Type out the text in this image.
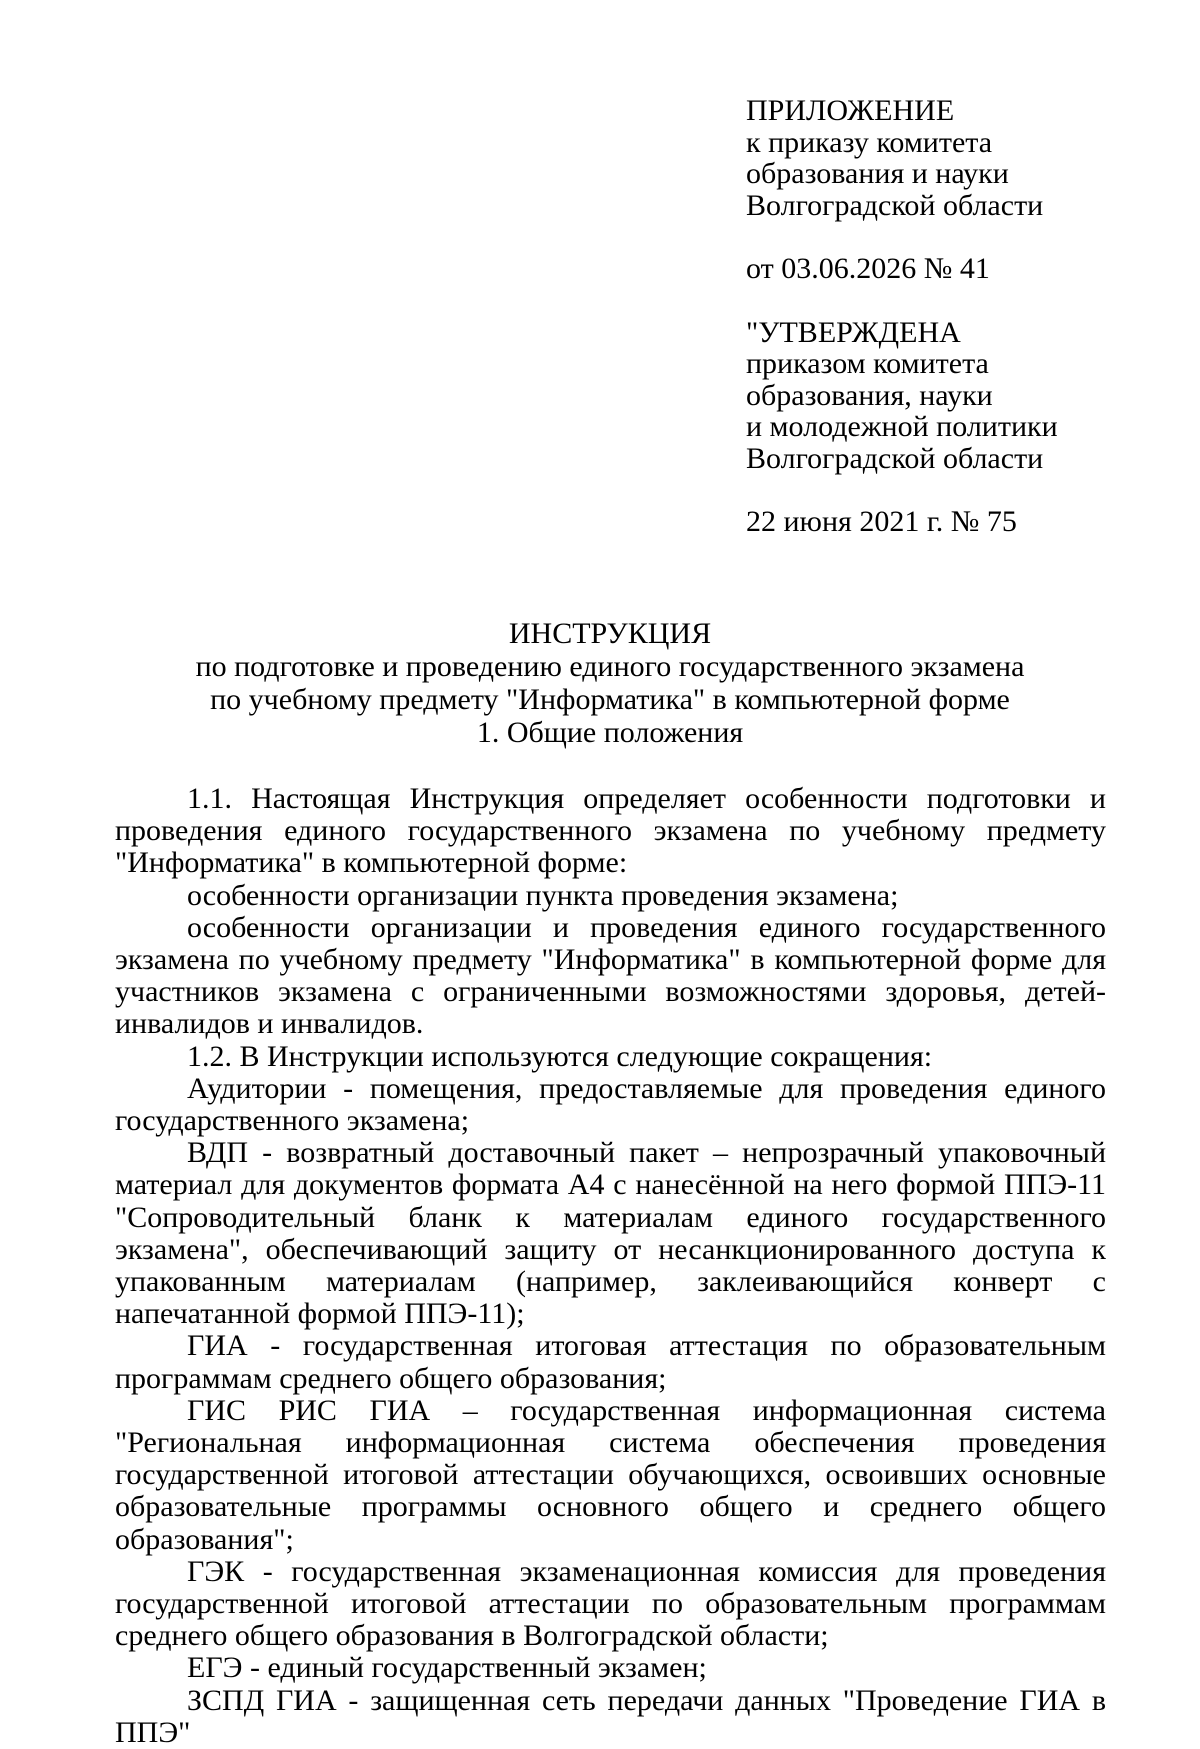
ПРИЛОЖЕНИЕ
к приказу комитета
образования и науки
Волгоградской области
от 03.06.2026 № 41
"УТВЕРЖДЕНА
приказом комитета
образования, науки
и молодежной политики
Волгоградской области
22 июня 2021 г. № 75
ИНСТРУКЦИЯ
по подготовке и проведению единого государственного экзамена
по учебному предмету "Информатика" в компьютерной форме
1. Общие положения

1.1. Настоящая Инструкция определяет особенности подготовки и проведения единого государственного экзамена по учебному предмету "Информатика" в компьютерной форме:

особенности организации пункта проведения экзамена;

особенности организации и проведения единого государственного экзамена по учебному предмету "Информатика" в компьютерной форме для участников экзамена с ограниченными возможностями здоровья, детей-инвалидов и инвалидов.

1.2. В Инструкции используются следующие сокращения:

Аудитории - помещения, предоставляемые для проведения единого государственного экзамена;

ВДП - возвратный доставочный пакет – непрозрачный упаковочный материал для документов формата А4 с нанесённой на него формой ППЭ-11 "Сопроводительный бланк к материалам единого государственного экзамена", обеспечивающий защиту от несанкционированного доступа к упакованным материалам (например, заклеивающийся конверт с напечатанной формой ППЭ-11);

ГИА - государственная итоговая аттестация по образовательным программам среднего общего образования;

ГИС РИС ГИА – государственная информационная система "Региональная информационная система обеспечения проведения государственной итоговой аттестации обучающихся, освоивших основные образовательные программы основного общего и среднего общего образования";

ГЭК - государственная экзаменационная комиссия для проведения государственной итоговой аттестации по образовательным программам среднего общего образования в Волгоградской области;

ЕГЭ - единый государственный экзамен;

ЗСПД ГИА - защищенная сеть передачи данных "Проведение ГИА в ППЭ"
